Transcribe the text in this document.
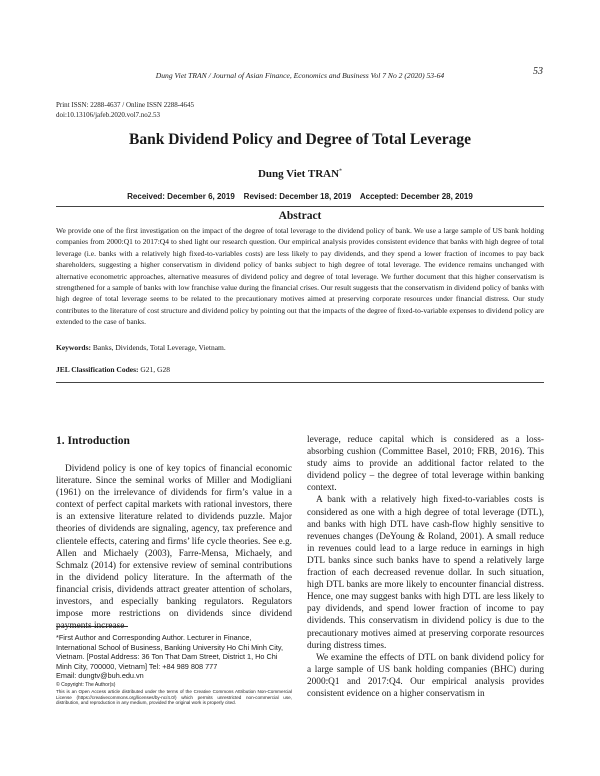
Dung Viet TRAN / Journal of Asian Finance, Economics and Business Vol 7 No 2 (2020) 53-64	53
Print ISSN: 2288-4637 / Online ISSN 2288-4645
doi:10.13106/jafeb.2020.vol7.no2.53
Bank Dividend Policy and Degree of Total Leverage
Dung Viet TRAN*
Received: December 6, 2019    Revised: December 18, 2019    Accepted: December 28, 2019
Abstract
We provide one of the first investigation on the impact of the degree of total leverage to the dividend policy of bank. We use a large sample of US bank holding companies from 2000:Q1 to 2017:Q4 to shed light our research question. Our empirical analysis provides consistent evidence that banks with high degree of total leverage (i.e. banks with a relatively high fixed-to-variables costs) are less likely to pay dividends, and they spend a lower fraction of incomes to pay back shareholders, suggesting a higher conservatism in dividend policy of banks subject to high degree of total leverage. The evidence remains unchanged with alternative econometric approaches, alternative measures of dividend policy and degree of total leverage. We further document that this higher conservatism is strengthened for a sample of banks with low franchise value during the financial crises. Our result suggests that the conservatism in dividend policy of banks with high degree of total leverage seems to be related to the precautionary motives aimed at preserving corporate resources under financial distress. Our study contributes to the literature of cost structure and dividend policy by pointing out that the impacts of the degree of fixed-to-variable expenses to dividend policy are extended to the case of banks.
Keywords: Banks, Dividends, Total Leverage, Vietnam.
JEL Classification Codes: G21, G28
1. Introduction

Dividend policy is one of key topics of financial economic literature. Since the seminal works of Miller and Modigliani (1961) on the irrelevance of dividends for firm’s value in a context of perfect capital markets with rational investors, there is an extensive literature related to dividends puzzle. Major theories of dividends are signaling, agency, tax preference and clientele effects, catering and firms’ life cycle theories. See e.g. Allen and Michaely (2003), Farre-Mensa, Michaely, and Schmalz (2014) for extensive review of seminal contributions in the dividend policy literature. In the aftermath of the financial crisis, dividends attract greater attention of scholars, investors, and especially banking regulators. Regulators impose more restrictions on dividends since dividend payments increase

leverage, reduce capital which is considered as a loss-absorbing cushion (Committee Basel, 2010; FRB, 2016). This study aims to provide an additional factor related to the dividend policy – the degree of total leverage within banking context.

A bank with a relatively high fixed-to-variables costs is considered as one with a high degree of total leverage (DTL), and banks with high DTL have cash-flow highly sensitive to revenues changes (DeYoung & Roland, 2001). A small reduce in revenues could lead to a large reduce in earnings in high DTL banks since such banks have to spend a relatively large fraction of each decreased revenue dollar. In such situation, high DTL banks are more likely to encounter financial distress. Hence, one may suggest banks with high DTL are less likely to pay dividends, and spend lower fraction of income to pay dividends. This conservatism in dividend policy is due to the precautionary motives aimed at preserving corporate resources during distress times.

We examine the effects of DTL on bank dividend policy for a large sample of US bank holding companies (BHC) during 2000:Q1 and 2017:Q4. Our empirical analysis provides consistent evidence on a higher conservatism in

*First Author and Corresponding Author. Lecturer in Finance, International School of Business, Banking University Ho Chi Minh City, Vietnam. [Postal Address: 36 Ton That Dam Street, District 1, Ho Chi Minh City, 700000, Vietnam] Tel: +84 989 808 777
Email: dungtv@buh.edu.vn
© Copyright: The Author(s)
This is an Open Access article distributed under the terms of the Creative Commons Attribution Non-Commercial License (https://creativecommons.org/licenses/by-nc/4.0/) which permits unrestricted non-commercial use, distribution, and reproduction in any medium, provided the original work is properly cited.
